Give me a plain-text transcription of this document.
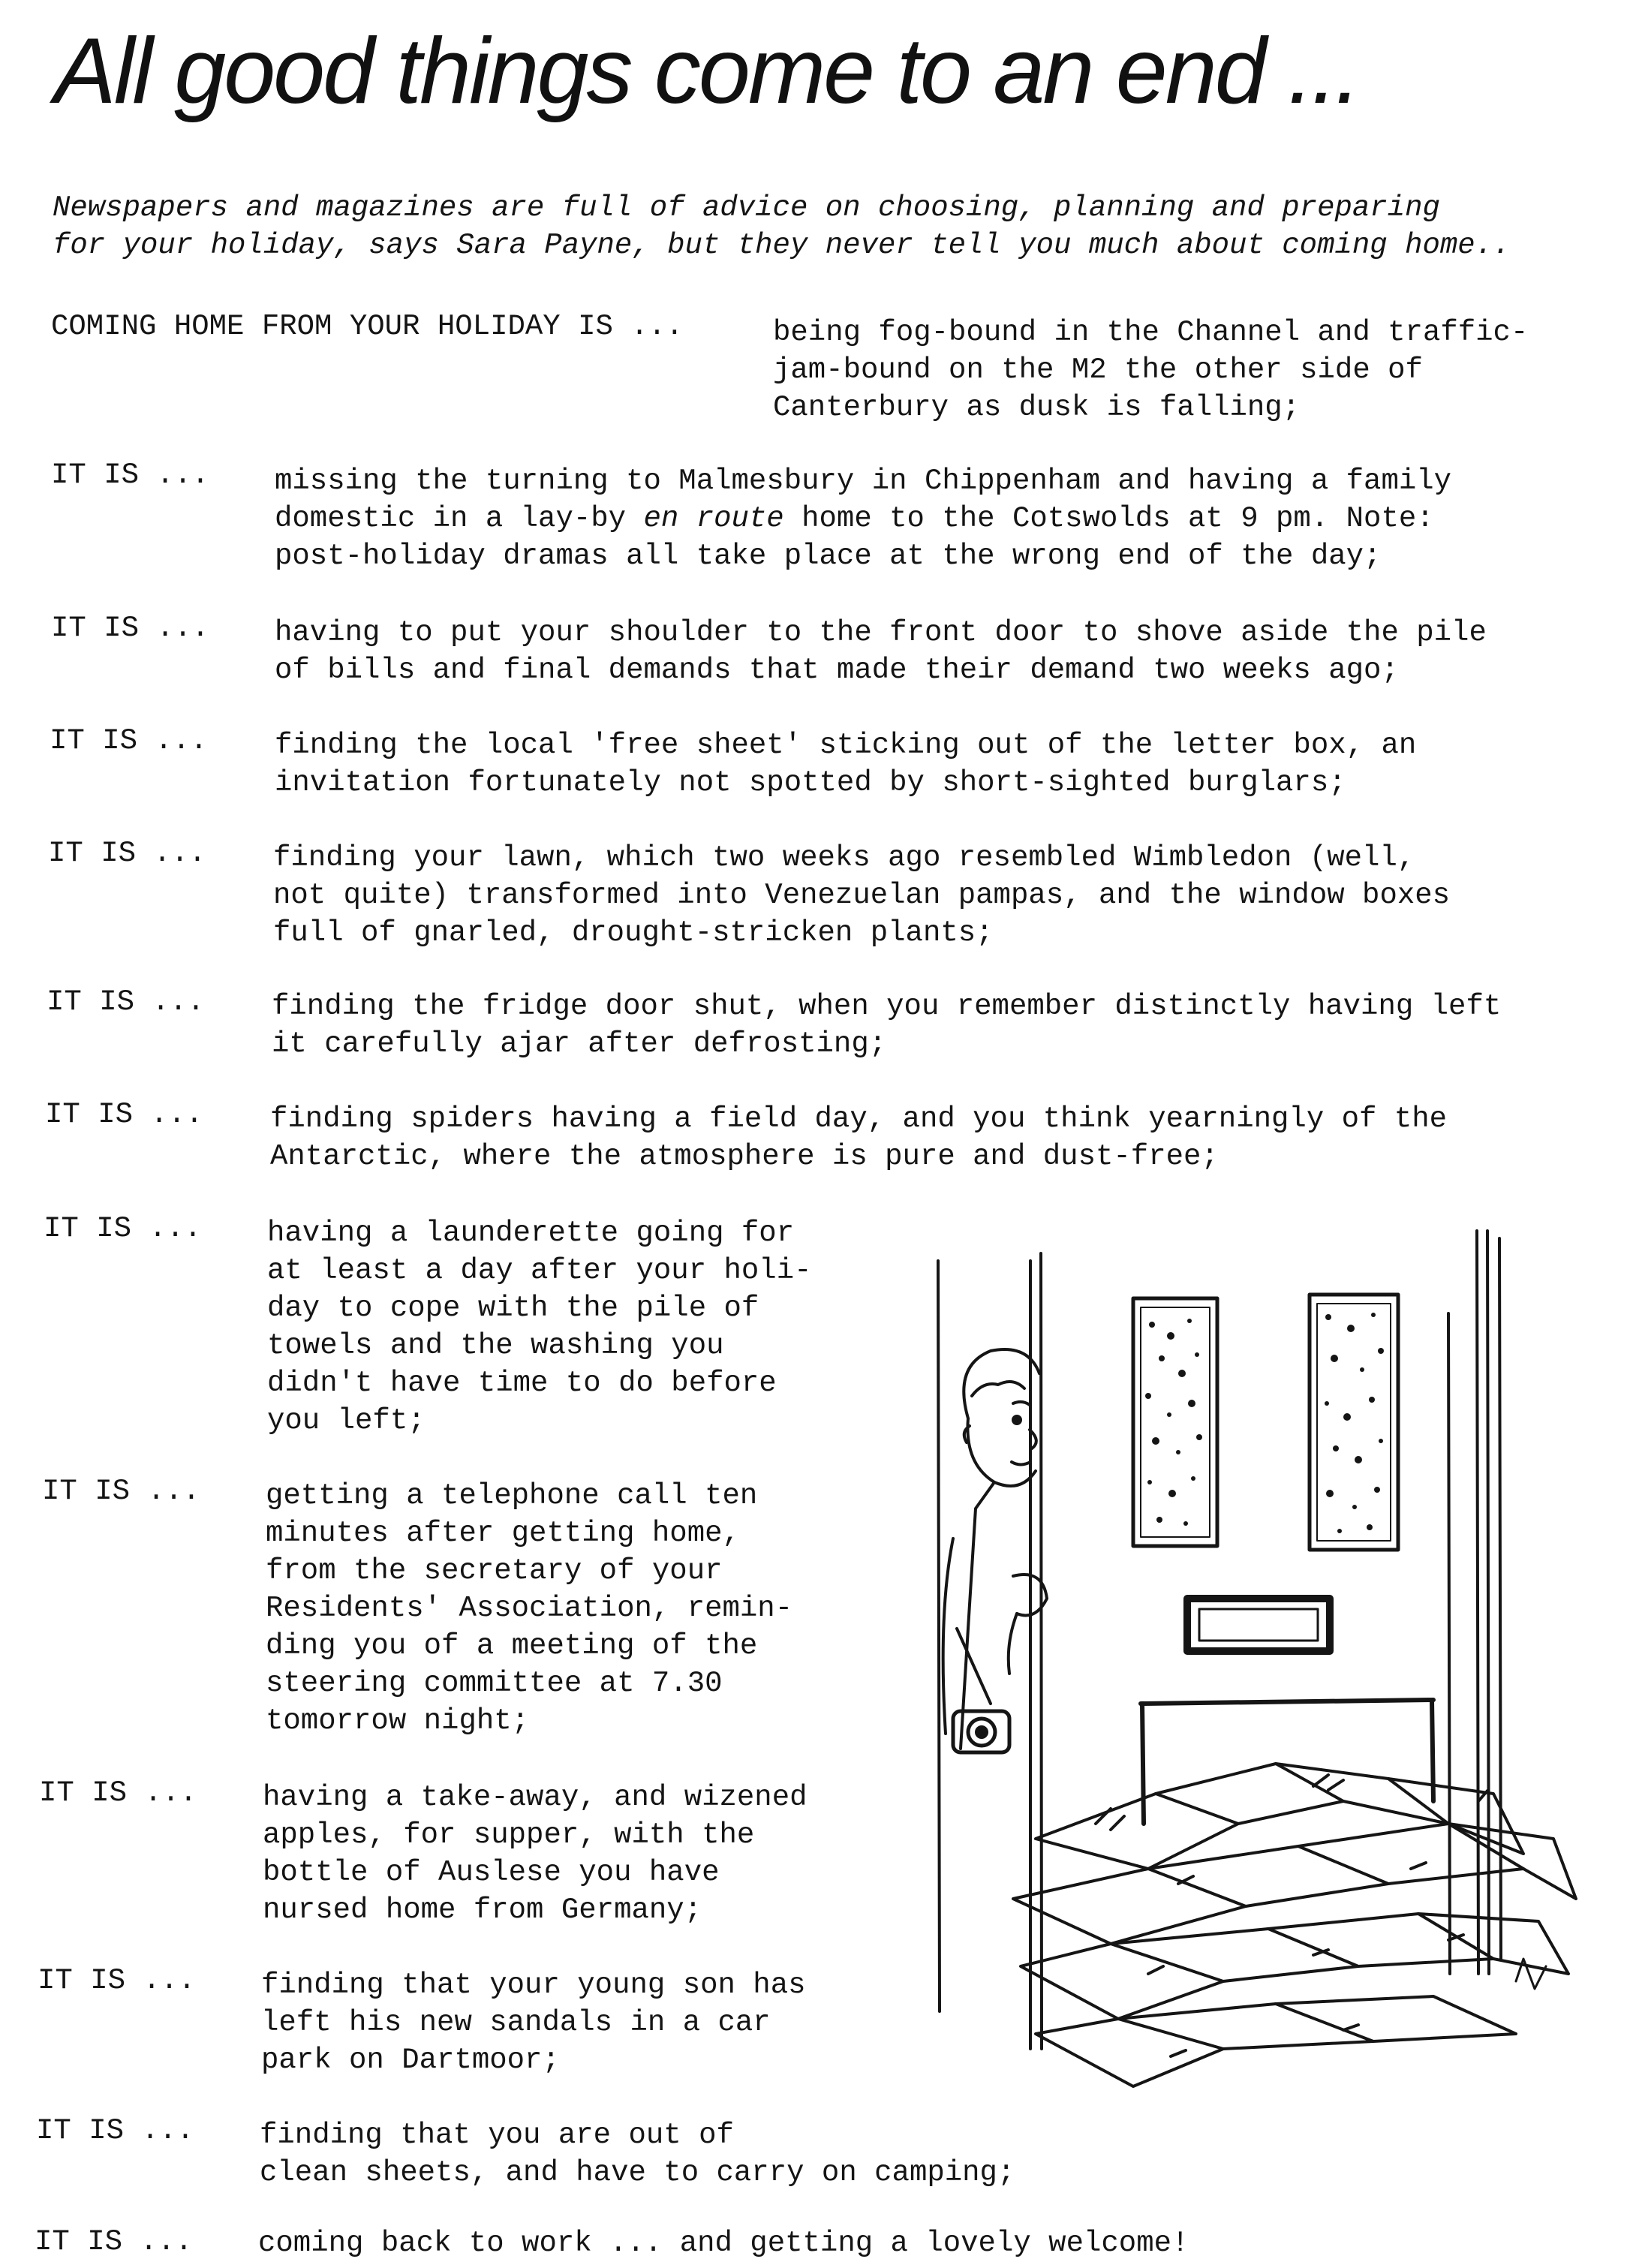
All good things come to an end ...
Newspapers and magazines are full of advice on choosing, planning and preparing
for your holiday, says Sara Payne, but they never tell you much about coming home..
COMING HOME FROM YOUR HOLIDAY IS ...	being fog-bound in the Channel and traffic-
jam-bound on the M2 the other side of
Canterbury as dusk is falling;
IT IS ... missing the turning to Malmesbury in Chippenham and having a family
domestic in a lay-by en route home to the Cotswolds at 9 pm. Note:
post-holiday dramas all take place at the wrong end of the day;
IT IS ... having to put your shoulder to the front door to shove aside the pile
of bills and final demands that made their demand two weeks ago;
IT IS ... finding the local 'free sheet' sticking out of the letter box, an
invitation fortunately not spotted by short-sighted burglars;
IT IS ... finding your lawn, which two weeks ago resembled Wimbledon (well,
not quite) transformed into Venezuelan pampas, and the window boxes
full of gnarled, drought-stricken plants;
IT IS ... finding the fridge door shut, when you remember distinctly having left
it carefully ajar after defrosting;
IT IS ... finding spiders having a field day, and you think yearningly of the
Antarctic, where the atmosphere is pure and dust-free;
IT IS ... having a launderette going for
at least a day after your holi-
day to cope with the pile of
towels and the washing you
didn't have time to do before
you left;
IT IS ... getting a telephone call ten
minutes after getting home,
from the secretary of your
Residents' Association, remin-
ding you of a meeting of the
steering committee at 7.30
tomorrow night;
IT IS ... having a take-away, and wizened
apples, for supper, with the
bottle of Auslese you have
nursed home from Germany;
IT IS ... finding that your young son has
left his new sandals in a car
park on Dartmoor;
IT IS ... finding that you are out of
clean sheets, and have to carry on camping;
IT IS ... coming back to work ... and getting a lovely welcome!
